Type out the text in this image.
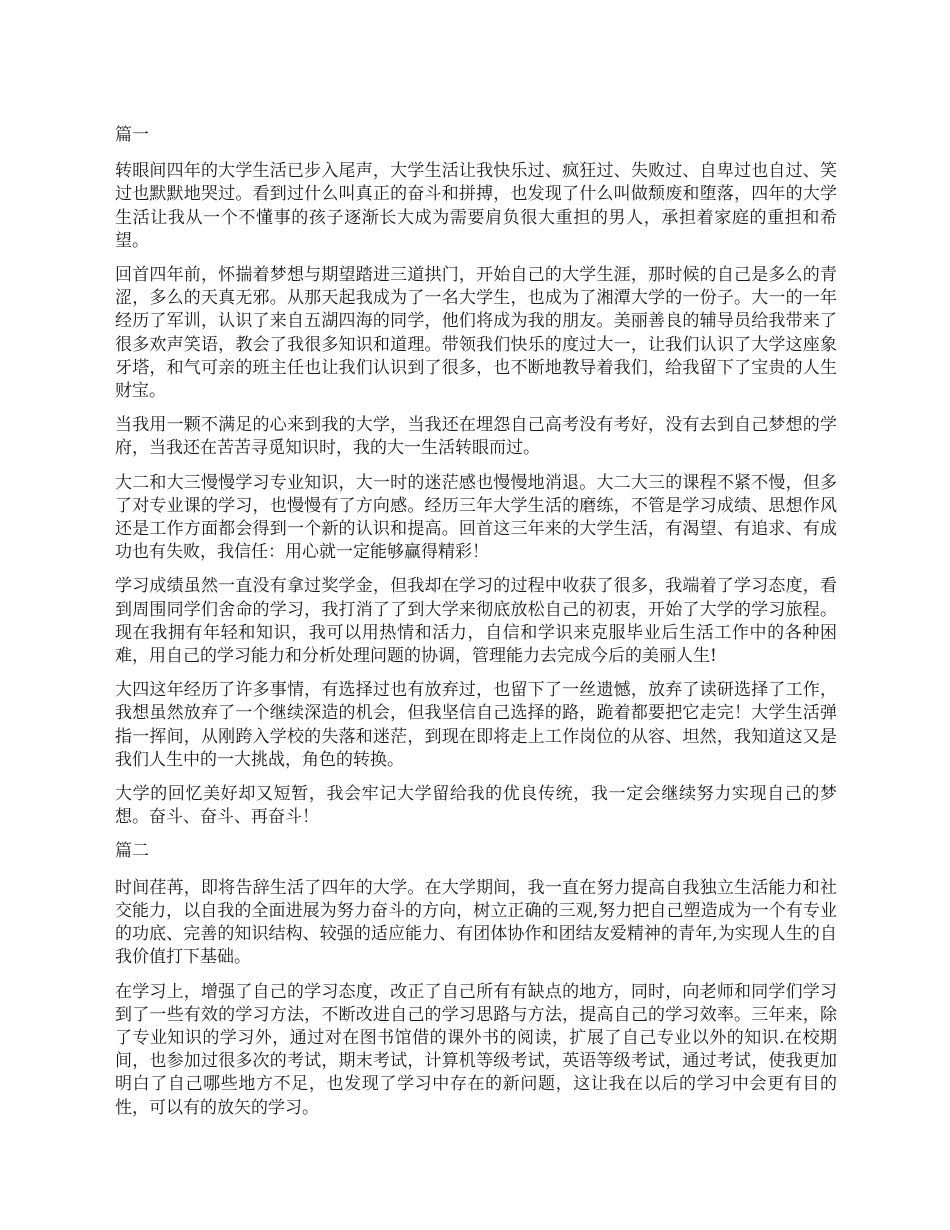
篇一

转眼间四年的大学生活已步入尾声，大学生活让我快乐过、疯狂过、失败过、自卑过也自过、笑过也默默地哭过。看到过什么叫真正的奋斗和拼搏，也发现了什么叫做颓废和堕落，四年的大学生活让我从一个不懂事的孩子逐渐长大成为需要肩负很大重担的男人，承担着家庭的重担和希望。

回首四年前，怀揣着梦想与期望踏进三道拱门，开始自己的大学生涯，那时候的自己是多么的青涩，多么的天真无邪。从那天起我成为了一名大学生，也成为了湘潭大学的一份子。大一的一年经历了军训，认识了来自五湖四海的同学，他们将成为我的朋友。美丽善良的辅导员给我带来了很多欢声笑语，教会了我很多知识和道理。带领我们快乐的度过大一，让我们认识了大学这座象牙塔，和气可亲的班主任也让我们认识到了很多，也不断地教导着我们，给我留下了宝贵的人生财宝。

当我用一颗不满足的心来到我的大学，当我还在埋怨自己高考没有考好，没有去到自己梦想的学府，当我还在苦苦寻觅知识时，我的大一生活转眼而过。

大二和大三慢慢学习专业知识，大一时的迷茫感也慢慢地消退。大二大三的课程不紧不慢，但多了对专业课的学习，也慢慢有了方向感。经历三年大学生活的磨练，不管是学习成绩、思想作风还是工作方面都会得到一个新的认识和提高。回首这三年来的大学生活，有渴望、有追求、有成功也有失败，我信任：用心就一定能够赢得精彩！

学习成绩虽然一直没有拿过奖学金，但我却在学习的过程中收获了很多，我端着了学习态度，看到周围同学们舍命的学习，我打消了了到大学来彻底放松自己的初衷，开始了大学的学习旅程。现在我拥有年轻和知识，我可以用热情和活力，自信和学识来克服毕业后生活工作中的各种困难，用自己的学习能力和分析处理问题的协调，管理能力去完成今后的美丽人生!

大四这年经历了许多事情，有选择过也有放弃过，也留下了一丝遗憾，放弃了读研选择了工作，我想虽然放弃了一个继续深造的机会，但我坚信自己选择的路，跪着都要把它走完！大学生活弹指一挥间，从刚跨入学校的失落和迷茫，到现在即将走上工作岗位的从容、坦然，我知道这又是我们人生中的一大挑战，角色的转换。

大学的回忆美好却又短暂，我会牢记大学留给我的优良传统，我一定会继续努力实现自己的梦想。奋斗、奋斗、再奋斗！

篇二

时间荏苒，即将告辞生活了四年的大学。在大学期间，我一直在努力提高自我独立生活能力和社交能力，以自我的全面进展为努力奋斗的方向，树立正确的三观,努力把自己塑造成为一个有专业的功底、完善的知识结构、较强的适应能力、有团体协作和团结友爱精神的青年,为实现人生的自我价值打下基础。

在学习上，增强了自己的学习态度，改正了自己所有有缺点的地方，同时，向老师和同学们学习到了一些有效的学习方法，不断改进自己的学习思路与方法，提高自己的学习效率。三年来，除了专业知识的学习外，通过对在图书馆借的课外书的阅读，扩展了自己专业以外的知识.在校期间，也参加过很多次的考试，期末考试，计算机等级考试，英语等级考试，通过考试，使我更加明白了自己哪些地方不足，也发现了学习中存在的新问题，这让我在以后的学习中会更有目的性，可以有的放矢的学习。
